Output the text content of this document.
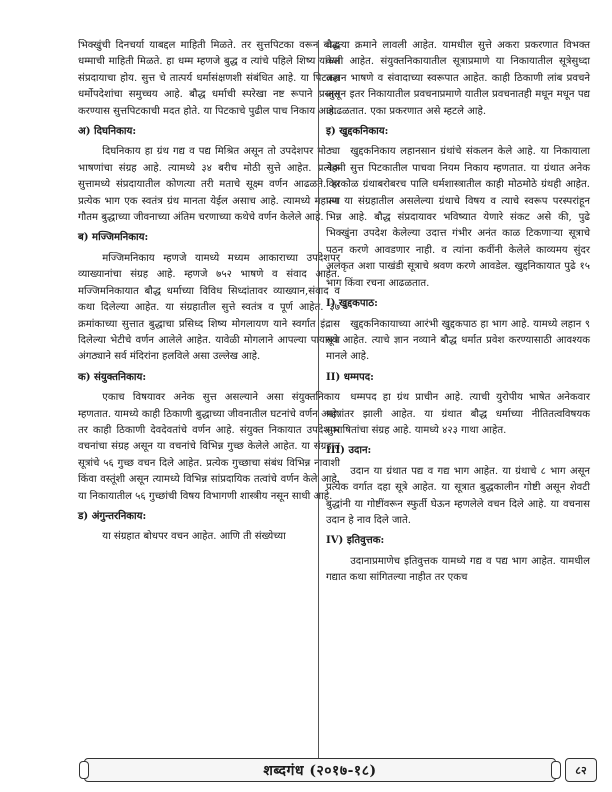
भिक्खुंची दिनचर्या याबद्दल माहिती मिळते. तर सुत्तपिटका वरून बौद्ध धम्माची माहिती मिळते. हा धम्म म्हणजे बुद्ध व त्यांचे पहिले शिष्य यांच्या संप्रदायाचा होय. सुत्त चे तात्पर्य धर्मासंक्षणशी संबंधित आहे. या पिटकत धर्मोपदेशांचा समुच्चय आहे. बौद्ध धर्माची स्परेखा नष्ट रूपाने प्रस्तुत करण्यास सुत्तपिटकाची मदत होते. या पिटकाचे पुढील पाच निकाय आहे.

अ) दिघनिकाय:

दिघनिकाय हा ग्रंथ गद्य व पद्य मिश्रित असून तो उपदेशपर मोठ्या भाषणांचा संग्रह आहे. त्यामध्ये ३४ बरीच मोठी सुत्ते आहेत. प्रत्येक सुत्तामध्ये संप्रदायातील कोणत्या तरी मताचे सूक्ष्म वर्णन आढळते. हा प्रत्येक भाग एक स्वतंत्र ग्रंथ मानता येईल असाच आहे. त्यामध्ये महात्मा गौतम बुद्धाच्या जीवनाच्या अंतिम चरणाच्या कथेचे वर्णन केलेले आहे.

ब) मज्जिमनिकाय:

मज्जिमनिकाय म्हणजे यामध्ये मध्यम आकाराच्या उपदेशपर व्याख्यानांचा संग्रह आहे. म्हणजे ७५२ भाषणे व संवाद आहेत. मज्जिमनिकायात बौद्ध धर्माच्या विविध सिध्दांतावर व्याख्यान,संवाद व कथा दिलेल्या आहेत. या संग्रहातील सुत्ते स्वतंत्र व पूर्ण आहेत. ३७ क्रमांकाच्या सुत्तात बुद्धाचा प्रसिध्द शिष्य मोगलायण याने स्वर्गात इंद्रास दिलेल्या भेटीचे वर्णन आलेले आहेत. यावेळी मोगलाने आपल्या पायाच्या अंगठ्याने सर्व मंदिरांना हलविले असा उल्लेख आहे.

क) संयुक्तनिकाय:

एकाच विषयावर अनेक सुत्त असल्याने असा संयुक्तनिकाय म्हणतात. यामध्ये काही ठिकाणी बुद्धाच्या जीवनातील घटनांचे वर्णन आहे. तर काही ठिकाणी देवदेवतांचे वर्णन आहे. संयुक्त निकायात उपदेशपर वचनांचा संग्रह असून या वचनांचे विभिन्न गुच्छ केलेले आहेत. या संग्रहात सूत्रांचे ५६ गुच्छ वचन दिले आहेत. प्रत्येक गुच्छाचा संबंध विभिन्न नावाशी किंवा वस्तूंशी असून त्यामध्ये विभिन्न सांप्रदायिक तत्वांचे वर्णन केले आहे. या निकायातील ५६ गुच्छांची विषय विभागणी शास्त्रीय नसून साधी आहे.

ड) अंगुन्तरनिकाय:

या संग्रहात बोधपर वचन आहेत. आणि ती संख्येच्या

चढ़त्या क्रमाने लावली आहेत. यामधील सुत्ते अकरा प्रकरणात विभक्त केली आहेत. संयुक्तनिकायातील सूत्राप्रमाणे या निकायातील सूत्रेसुध्दा लहान भाषणे व संवादाच्या स्वरूपात आहेत. काही ठिकाणी लांब प्रवचने असून इतर निकायातील प्रवचनाप्रमाणे यातील प्रवचनातही मधून मधून पद्य आढळतात. एका प्रकरणात असे म्हटले आहे.

इ) खुद्दकनिकाय:

खुद्दकनिकाय लहानसान ग्रंथांचे संकलन केले आहे. या निकायाला नेहमी सुत्त पिटकातील पाचवा नियम निकाय म्हणतात. या ग्रंथात अनेक किरकोळ ग्रंथाबरोबरच पालि धर्मशास्त्रातील काही मोठमोठे ग्रंथही आहेत. पण या संग्रहातील असलेल्या ग्रंथाचे विषय व त्याचे स्वरूप परस्परांहून भिन्न आहे. बौद्ध संप्रदायावर भविष्यात येणारे संकट असे की, पुढे भिक्खुंना उपदेश केलेल्या उदात्त गंभीर अनंत काळ टिकणाऱ्या सूत्राचे पठन करणे आवडणार नाही. व त्यांना कवींनी केलेले काव्यमय सुंदर अलंकृत अशा पाखंडी सूत्राचे श्रवण करणे आवडेल. खुद्दनिकायात पुढे १५ भाग किंवा रचना आढळतात.

I) खुद्दकपाठ:

खुद्दकनिकायाच्या आरंभी खुद्दकपाठ हा भाग आहे. यामध्ये लहान ९ सूत्रे आहेत. त्याचे ज्ञान नव्याने बौद्ध धर्मात प्रवेश करण्यासाठी आवश्यक मानले आहे.

II) धम्मपद:

धम्मपद हा ग्रंथ प्राचीन आहे. त्याची युरोपीय भाषेत अनेकवार भाषांतर झाली आहेत. या ग्रंथात बौद्ध धर्माच्या नीतितत्वविषयक सुभाषितांचा संग्रह आहे. यामध्ये ४२३ गाथा आहेत.

III) उदान:

उदान या ग्रंथात पद्य व गद्य भाग आहेत. या ग्रंथाचे ८ भाग असून प्रत्येक वर्गात दहा सूत्रे आहेत. या सूत्रात बुद्धकालीन गोष्टी असून शेवटी बुद्धांनी या गोष्टींवरून स्फुर्ती घेऊन म्हणलेले वचन दिले आहे. या वचनास उदान हे नाव दिले जाते.

IV) इतिवुत्तक:

उदानाप्रमाणेच इतिवुत्तक यामध्ये गद्य व पद्य भाग आहेत. यामधील गद्यात कथा सांगितल्या नाहीत तर एकच

शब्दगंध (२०१७-१८)	८२
